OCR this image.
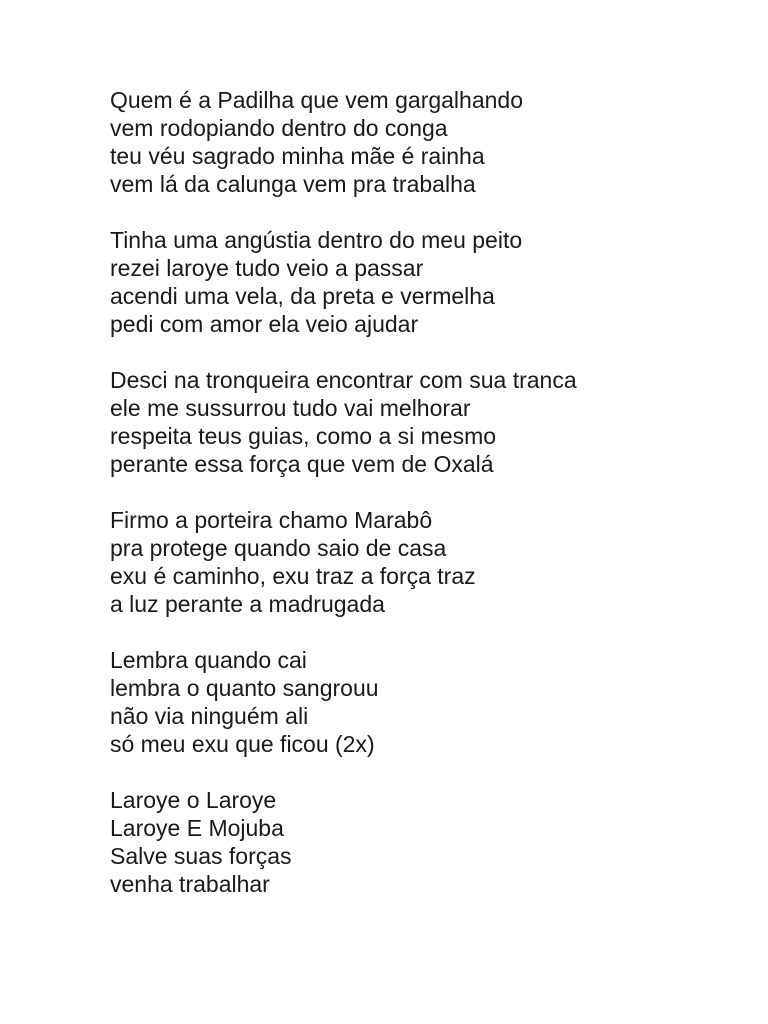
Quem é a Padilha que vem gargalhando
vem rodopiando dentro do conga
teu véu sagrado minha mãe é rainha
vem lá da calunga vem pra trabalha
Tinha uma angústia dentro do meu peito
rezei laroye tudo veio a passar
acendi uma vela, da preta e vermelha
pedi com amor ela veio ajudar
Desci na tronqueira encontrar com sua tranca
ele me sussurrou tudo vai melhorar
respeita teus guias, como a si mesmo
perante essa força que vem de Oxalá
Firmo a porteira chamo Marabô
pra protege quando saio de casa
exu é caminho, exu traz a força traz
a luz perante a madrugada
Lembra quando cai
lembra o quanto sangrouu
não via ninguém ali
só meu exu que ficou (2x)
Laroye o Laroye
Laroye E Mojuba
Salve suas forças
venha trabalhar
